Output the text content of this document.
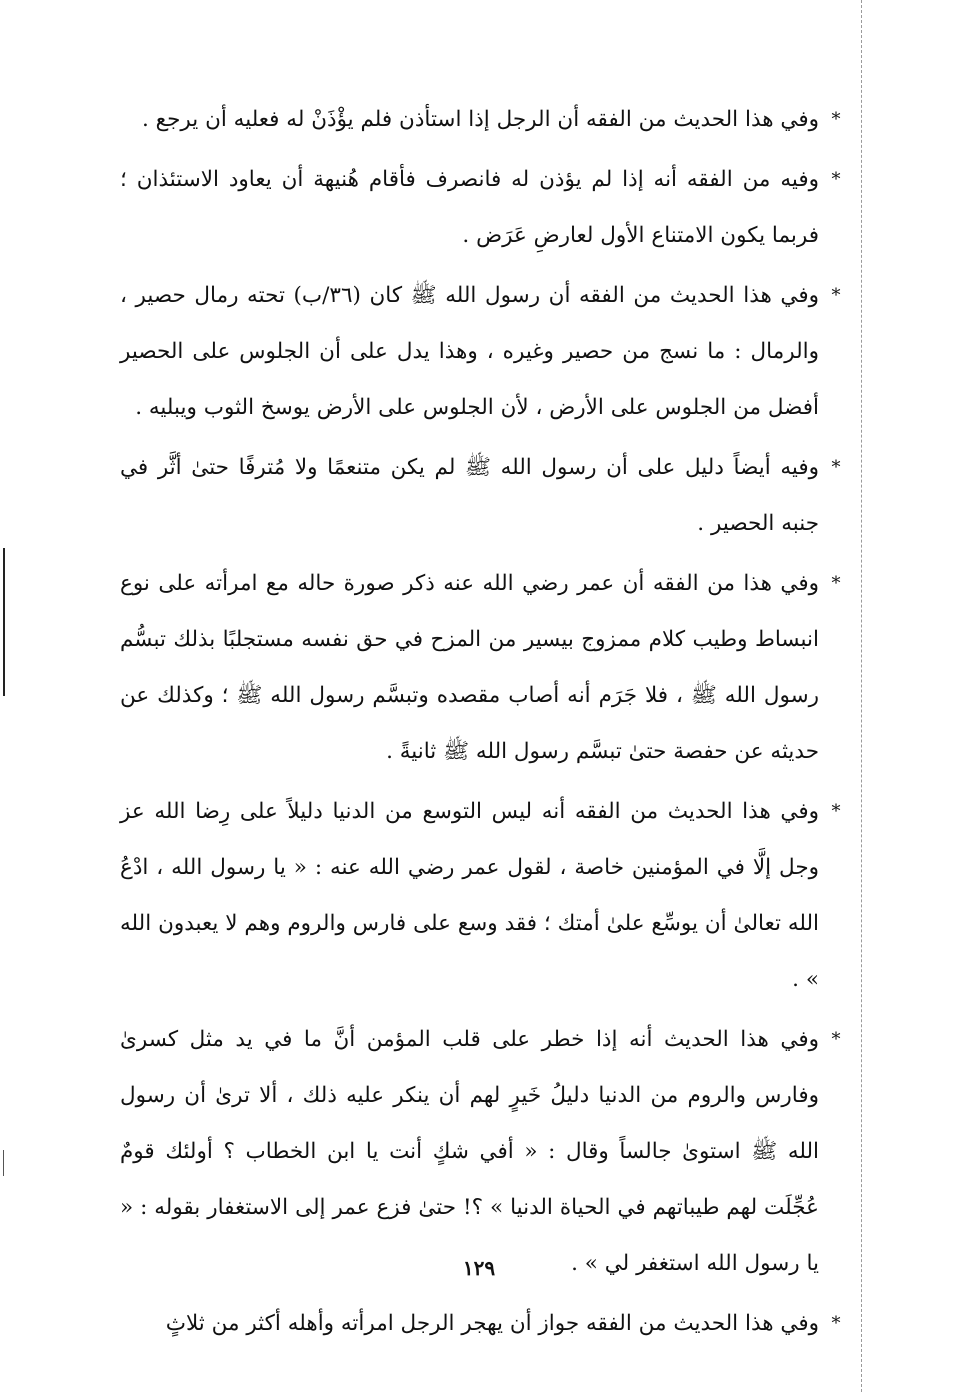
*
وفي هذا الحديث من الفقه أن الرجل إذا استأذن فلم يؤْذَنْ له فعليه أن يرجع .
*
وفيه من الفقه أنه إذا لم يؤذن له فانصرف فأقام هُنيهة أن يعاود الاستئذان ؛ فربما يكون الامتناع الأول لعارضِ عَرَض .
*
وفي هذا الحديث من الفقه أن رسول الله ﷺ كان (٣٦/ب) تحته رمال حصير ، والرمال : ما نسج من حصير وغيره ، وهذا يدل على أن الجلوس على الحصير أفضل من الجلوس على الأرض ، لأن الجلوس على الأرض يوسخ الثوب ويبليه .
*
وفيه أيضاً دليل على أن رسول الله ﷺ لم يكن متنعمًا ولا مُترفًا حتىٰ أثَّر في جنبه الحصير .
*
وفي هذا من الفقه أن عمر رضي الله عنه ذكر صورة حاله مع امرأته على نوع انبساط وطيب كلام ممزوج بيسير من المزح في حق نفسه مستجلبًا بذلك تبسُّم رسول الله ﷺ ، فلا جَرَم أنه أصاب مقصده وتبسَّم رسول الله ﷺ ؛ وكذلك عن حديثه عن حفصة حتىٰ تبسَّم رسول الله ﷺ ثانيةً .
*
وفي هذا الحديث من الفقه أنه ليس التوسع من الدنيا دليلاً على رِضا الله عز وجل إلَّا في المؤمنين خاصة ، لقول عمر رضي الله عنه : « يا رسول الله ، ادْعُ الله تعالىٰ أن يوسِّع علىٰ أمتك ؛ فقد وسع على فارس والروم وهم لا يعبدون الله » .
*
وفي هذا الحديث أنه إذا خطر على قلب المؤمن أنَّ ما في يد مثل كسرىٰ وفارس والروم من الدنيا دليلُ خَيرٍ لهم أن ينكر عليه ذلك ، ألا ترىٰ أن رسول الله ﷺ استوىٰ جالساً وقال : « أفي شكٍ أنت يا ابن الخطاب ؟ أولئك قومٌ عُجِّلَت لهم طيباتهم في الحياة الدنيا » ؟! حتىٰ فزع عمر إلى الاستغفار بقوله : « يا رسول الله استغفر لي » .
*
وفي هذا الحديث من الفقه جواز أن يهجر الرجل امرأته وأهله أكثر من ثلاثٍ
١٢٩
